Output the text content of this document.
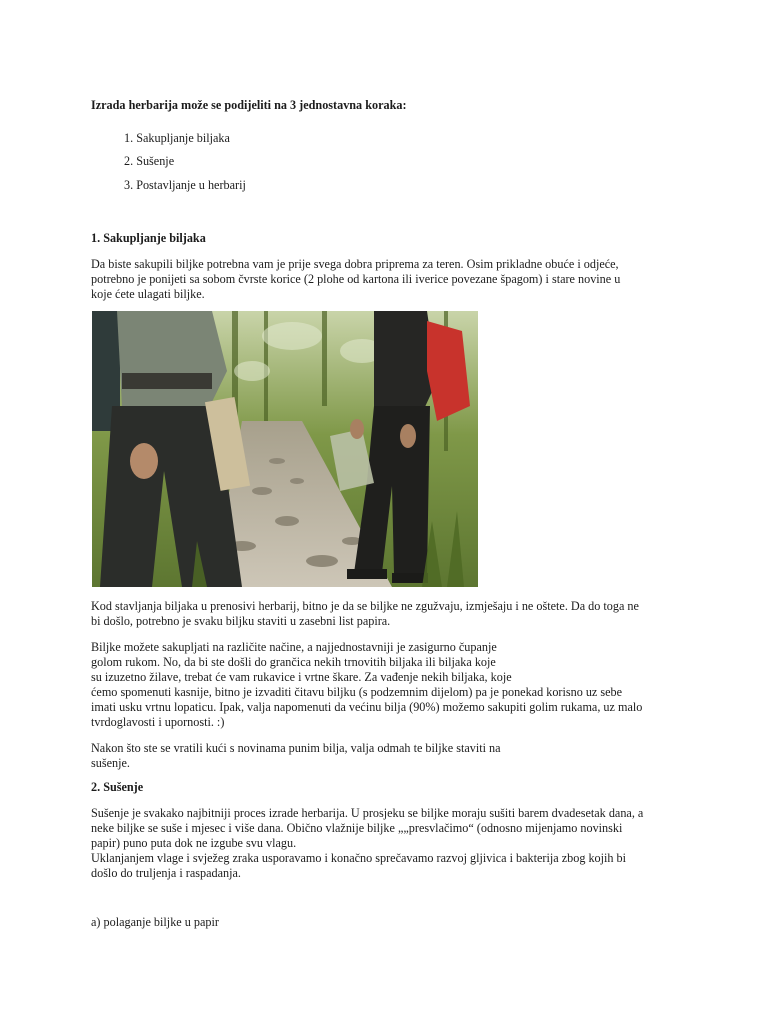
Izrada herbarija može se podijeliti na 3 jednostavna koraka:

1. Sakupljanje biljaka

2. Sušenje

3. Postavljanje u herbarij

1. Sakupljanje biljaka

Da biste sakupili biljke potrebna vam je prije svega dobra priprema za teren. Osim prikladne obuće i odjeće,

potrebno je ponijeti sa sobom čvrste korice (2 plohe od kartona ili iverice povezane špagom) i stare novine u

koje ćete ulagati biljke.

Kod stavljanja biljaka u prenosivi herbarij, bitno je da se biljke ne zgužvaju, izmješaju i ne oštete. Da do toga ne

bi došlo, potrebno je svaku biljku staviti u zasebni list papira.

Biljke možete sakupljati na različite načine, a najjednostavniji je zasigurno čupanje

golom rukom. No, da bi ste došli do grančica nekih trnovitih biljaka ili biljaka koje

su izuzetno žilave, trebat će vam rukavice i vrtne škare. Za vađenje nekih biljaka, koje

ćemo spomenuti kasnije, bitno je izvaditi čitavu biljku (s podzemnim dijelom) pa je ponekad korisno uz sebe

imati usku vrtnu lopaticu. Ipak, valja napomenuti da većinu bilja (90%) možemo sakupiti golim rukama, uz malo

tvrdoglavosti i upornosti. :)

Nakon što ste se vratili kući s novinama punim bilja, valja odmah te biljke staviti na

sušenje.

2. Sušenje

Sušenje je svakako najbitniji proces izrade herbarija. U prosjeku se biljke moraju sušiti barem dvadesetak dana, a

neke biljke se suše i mjesec i više dana. Obično vlažnije biljke „„presvlačimo“ (odnosno mijenjamo novinski

papir) puno puta dok ne izgube svu vlagu.

Uklanjanjem vlage i svježeg zraka usporavamo i konačno sprečavamo razvoj gljivica i bakterija zbog kojih bi

došlo do truljenja i raspadanja.

a) polaganje biljke u papir
